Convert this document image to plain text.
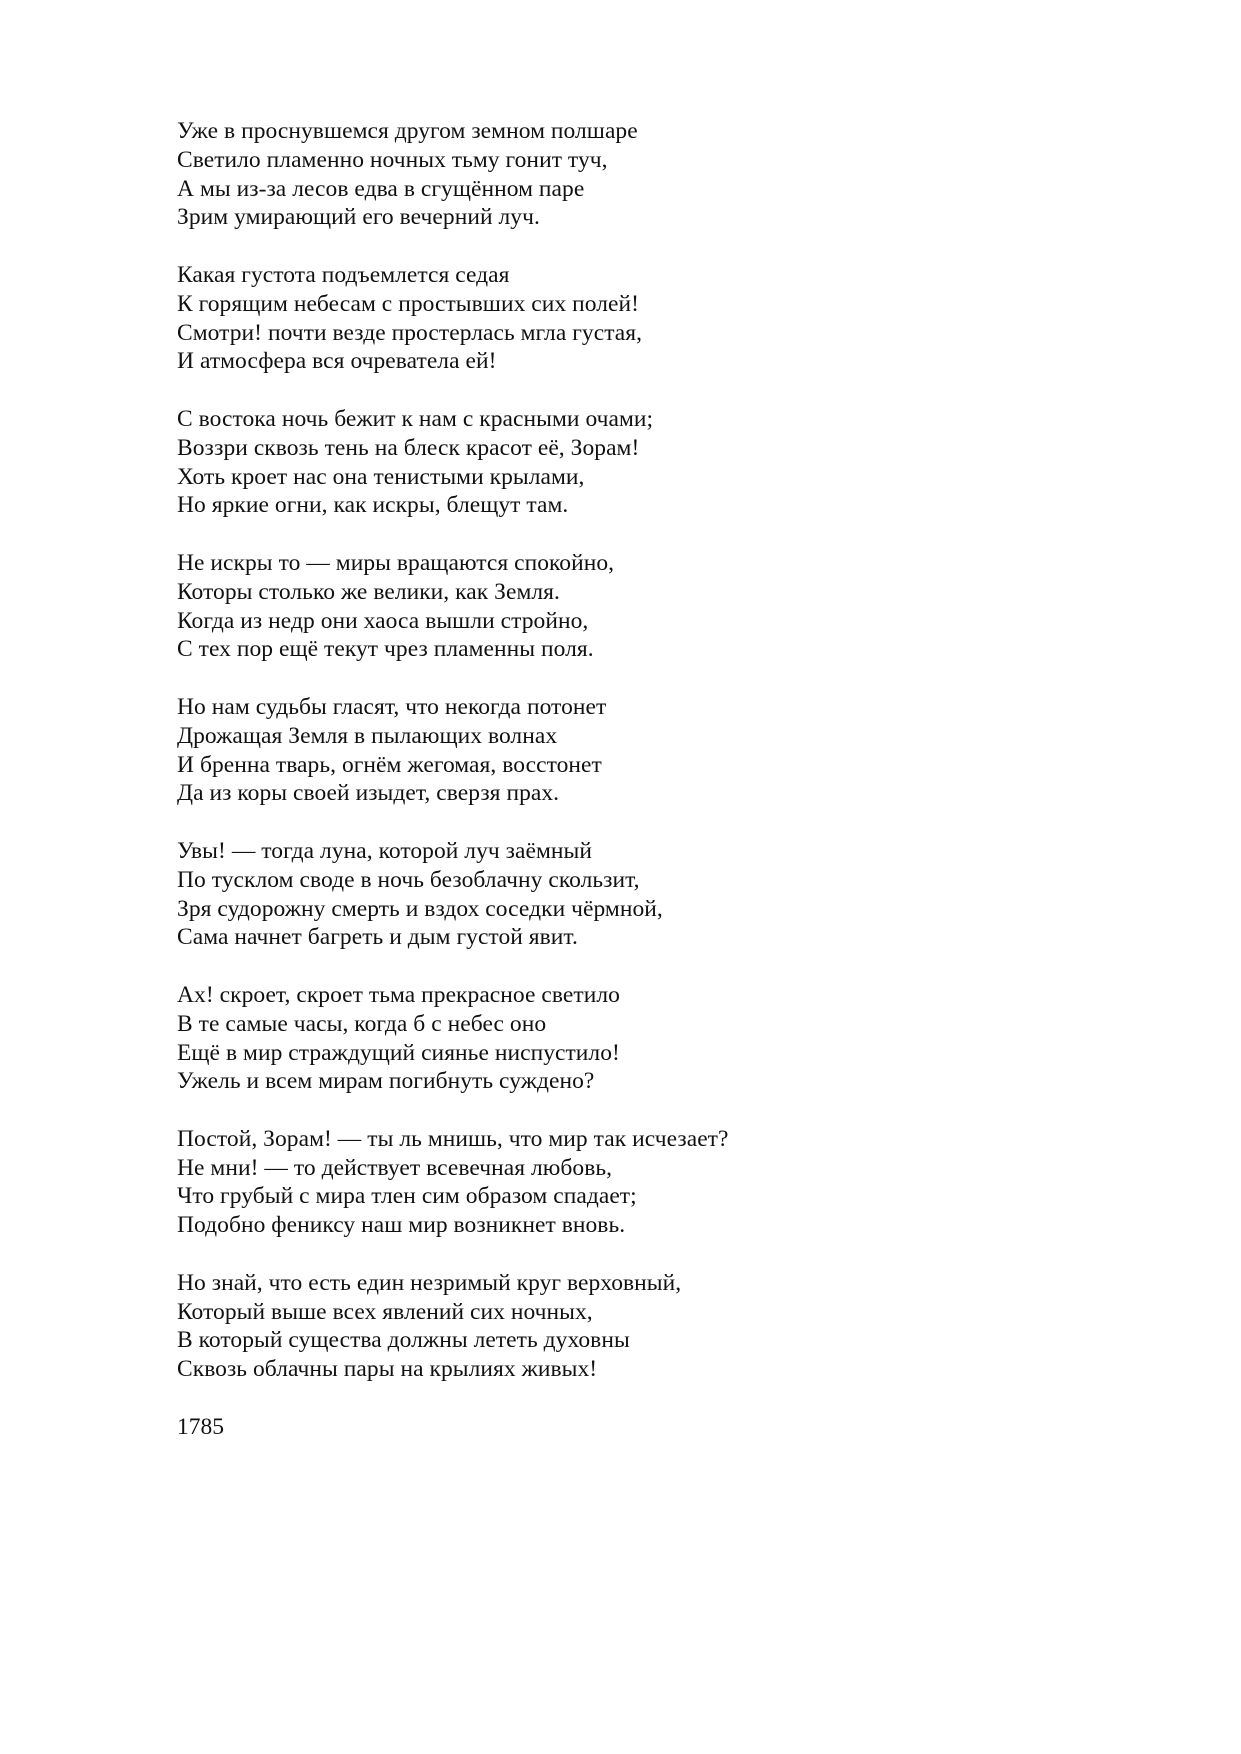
Уже в проснувшемся другом земном полшаре
Светило пламенно ночных тьму гонит туч,
А мы из-за лесов едва в сгущённом паре
Зрим умирающий его вечерний луч.
Какая густота подъемлется седая
К горящим небесам с простывших сих полей!
Смотри! почти везде простерлась мгла густая,
И атмосфера вся очреватела ей!
С востока ночь бежит к нам с красными очами;
Воззри сквозь тень на блеск красот её, Зорам!
Хоть кроет нас она тенистыми крылами,
Но яркие огни, как искры, блещут там.
Не искры то — миры вращаются спокойно,
Которы столько же велики, как Земля.
Когда из недр они хаоса вышли стройно,
С тех пор ещё текут чрез пламенны поля.
Но нам судьбы гласят, что некогда потонет
Дрожащая Земля в пылающих волнах
И бренна тварь, огнём жегомая, восстонет
Да из коры своей изыдет, сверзя прах.
Увы! — тогда луна, которой луч заёмный
По тусклом своде в ночь безоблачну скользит,
Зря судорожну смерть и вздох соседки чёрмной,
Сама начнет багреть и дым густой явит.
Ах! скроет, скроет тьма прекрасное светило
В те самые часы, когда б с небес оно
Ещё в мир страждущий сиянье ниспустило!
Ужель и всем мирам погибнуть суждено?
Постой, Зорам! — ты ль мнишь, что мир так исчезает?
Не мни! — то действует всевечная любовь,
Что грубый с мира тлен сим образом спадает;
Подобно фениксу наш мир возникнет вновь.
Но знай, что есть един незримый круг верховный,
Который выше всех явлений сих ночных,
В который существа должны лететь духовны
Сквозь облачны пары на крылиях живых!
1785
